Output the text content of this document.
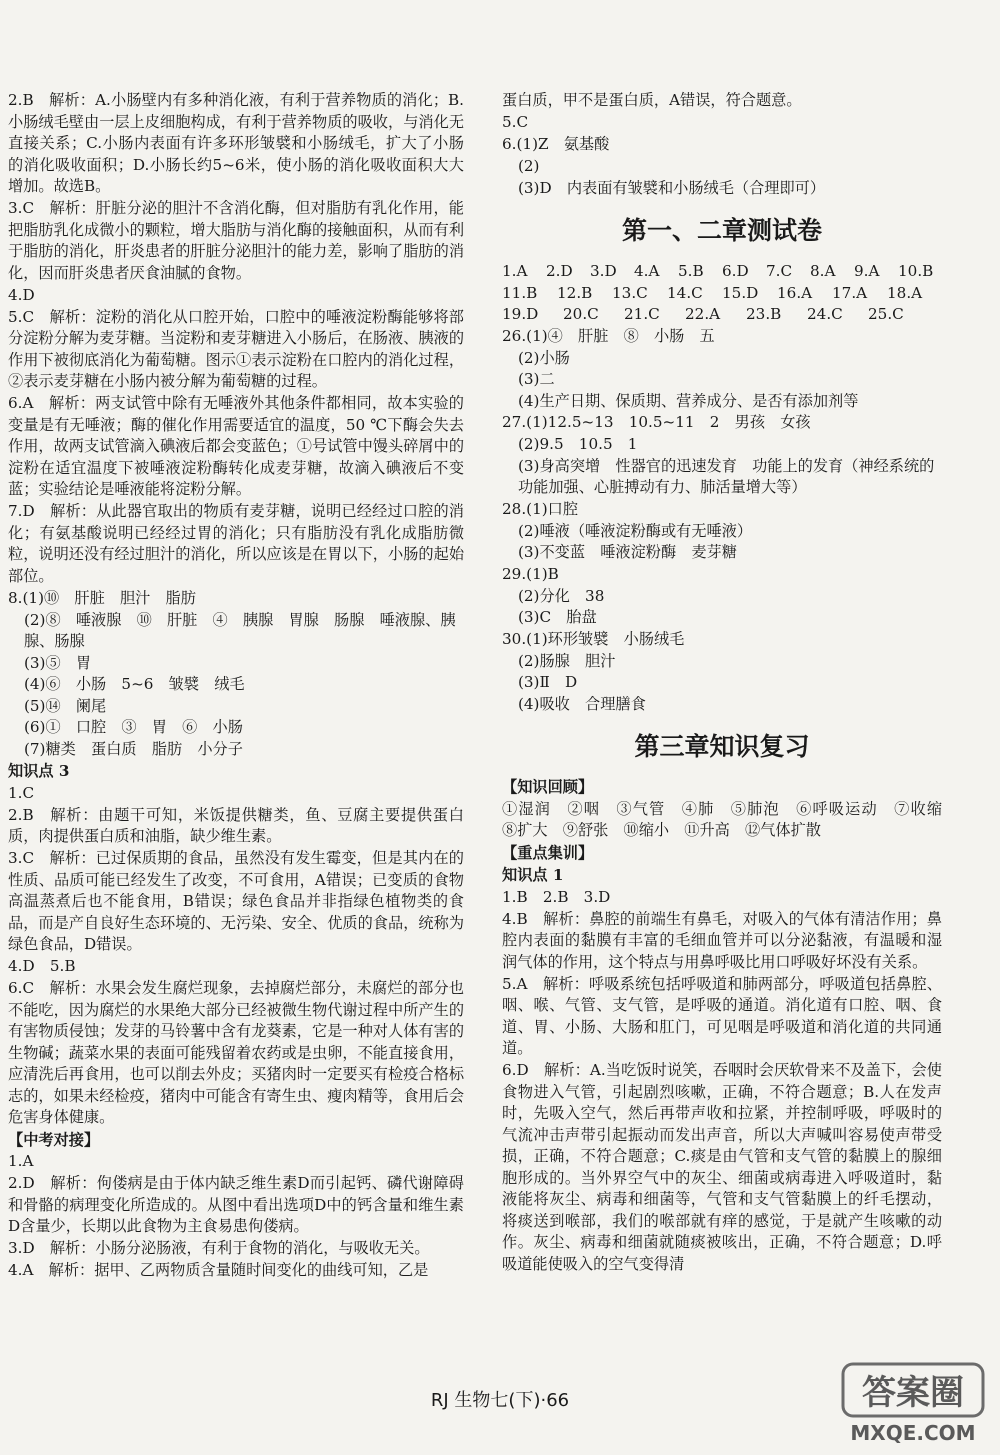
2.B　解析：A.小肠壁内有多种消化液，有利于营养物质的消化；B.小肠绒毛壁由一层上皮细胞构成，有利于营养物质的吸收，与消化无直接关系；C.小肠内表面有许多环形皱襞和小肠绒毛，扩大了小肠的消化吸收面积；D.小肠长约5~6米，使小肠的消化吸收面积大大增加。故选B。
3.C　解析：肝脏分泌的胆汁不含消化酶，但对脂肪有乳化作用，能把脂肪乳化成微小的颗粒，增大脂肪与消化酶的接触面积，从而有利于脂肪的消化，肝炎患者的肝脏分泌胆汁的能力差，影响了脂肪的消化，因而肝炎患者厌食油腻的食物。
4.D
5.C　解析：淀粉的消化从口腔开始，口腔中的唾液淀粉酶能够将部分淀粉分解为麦芽糖。当淀粉和麦芽糖进入小肠后，在肠液、胰液的作用下被彻底消化为葡萄糖。图示①表示淀粉在口腔内的消化过程，②表示麦芽糖在小肠内被分解为葡萄糖的过程。
6.A　解析：两支试管中除有无唾液外其他条件都相同，故本实验的变量是有无唾液；酶的催化作用需要适宜的温度，50 ℃下酶会失去作用，故两支试管滴入碘液后都会变蓝色；①号试管中馒头碎屑中的淀粉在适宜温度下被唾液淀粉酶转化成麦芽糖，故滴入碘液后不变蓝；实验结论是唾液能将淀粉分解。
7.D　解析：从此器官取出的物质有麦芽糖，说明已经经过口腔的消化；有氨基酸说明已经经过胃的消化；只有脂肪没有乳化成脂肪微粒，说明还没有经过胆汁的消化，所以应该是在胃以下，小肠的起始部位。
8.(1)⑩　肝脏　胆汁　脂肪
(2)⑧　唾液腺　⑩　肝脏　④　胰腺　胃腺　肠腺　唾液腺、胰腺、肠腺
(3)⑤　胃
(4)⑥　小肠　5~6　皱襞　绒毛
(5)⑭　阑尾
(6)①　口腔　③　胃　⑥　小肠
(7)糖类　蛋白质　脂肪　小分子
知识点 3
1.C
2.B　解析：由题干可知，米饭提供糖类，鱼、豆腐主要提供蛋白质，肉提供蛋白质和油脂，缺少维生素。
3.C　解析：已过保质期的食品，虽然没有发生霉变，但是其内在的性质、品质可能已经发生了改变，不可食用，A错误；已变质的食物高温蒸煮后也不能食用，B错误；绿色食品并非指绿色植物类的食品，而是产自良好生态环境的、无污染、安全、优质的食品，统称为绿色食品，D错误。
4.D　5.B
6.C　解析：水果会发生腐烂现象，去掉腐烂部分，未腐烂的部分也不能吃，因为腐烂的水果绝大部分已经被微生物代谢过程中所产生的有害物质侵蚀；发芽的马铃薯中含有龙葵素，它是一种对人体有害的生物碱；蔬菜水果的表面可能残留着农药或是虫卵，不能直接食用，应清洗后再食用，也可以削去外皮；买猪肉时一定要买有检疫合格标志的，如果未经检疫，猪肉中可能含有寄生虫、瘦肉精等，食用后会危害身体健康。
【中考对接】
1.A
2.D　解析：佝偻病是由于体内缺乏维生素D而引起钙、磷代谢障碍和骨骼的病理变化所造成的。从图中看出选项D中的钙含量和维生素D含量少，长期以此食物为主食易患佝偻病。
3.D　解析：小肠分泌肠液，有利于食物的消化，与吸收无关。
4.A　解析：据甲、乙两物质含量随时间变化的曲线可知，乙是
蛋白质，甲不是蛋白质，A错误，符合题意。
5.C
6.(1)Z　氨基酸
(2)
(3)D　内表面有皱襞和小肠绒毛（合理即可）
第一、二章测试卷
1.A	2.D	3.D	4.A	5.B	6.D	7.C	8.A	9.A	10.B
11.B	12.B	13.C	14.C	15.D	16.A	17.A	18.A
19.D	20.C	21.C	22.A	23.B	24.C	25.C
26.(1)④　肝脏　⑧　小肠　五
(2)小肠
(3)二
(4)生产日期、保质期、营养成分、是否有添加剂等
27.(1)12.5~13　10.5~11　2　男孩　女孩
(2)9.5　10.5　1
(3)身高突增　性器官的迅速发育　功能上的发育（神经系统的功能加强、心脏搏动有力、肺活量增大等）
28.(1)口腔
(2)唾液（唾液淀粉酶或有无唾液）
(3)不变蓝　唾液淀粉酶　麦芽糖
29.(1)B
(2)分化　38
(3)C　胎盘
30.(1)环形皱襞　小肠绒毛
(2)肠腺　胆汁
(3)Ⅱ　D
(4)吸收　合理膳食
第三章知识复习
【知识回顾】
①湿润　②咽　③气管　④肺　⑤肺泡　⑥呼吸运动　⑦收缩　⑧扩大　⑨舒张　⑩缩小　⑪升高　⑫气体扩散
【重点集训】
知识点 1
1.B　2.B　3.D
4.B　解析：鼻腔的前端生有鼻毛，对吸入的气体有清洁作用；鼻腔内表面的黏膜有丰富的毛细血管并可以分泌黏液，有温暖和湿润气体的作用，这个特点与用鼻呼吸比用口呼吸好坏没有关系。
5.A　解析：呼吸系统包括呼吸道和肺两部分，呼吸道包括鼻腔、咽、喉、气管、支气管，是呼吸的通道。消化道有口腔、咽、食道、胃、小肠、大肠和肛门，可见咽是呼吸道和消化道的共同通道。
6.D　解析：A.当吃饭时说笑，吞咽时会厌软骨来不及盖下，会使食物进入气管，引起剧烈咳嗽，正确，不符合题意；B.人在发声时，先吸入空气，然后再带声收和拉紧，并控制呼吸，呼吸时的气流冲击声带引起振动而发出声音，所以大声喊叫容易使声带受损，正确，不符合题意；C.痰是由气管和支气管的黏膜上的腺细胞形成的。当外界空气中的灰尘、细菌或病毒进入呼吸道时，黏液能将灰尘、病毒和细菌等，气管和支气管黏膜上的纤毛摆动，将痰送到喉部，我们的喉部就有痒的感觉，于是就产生咳嗽的动作。灰尘、病毒和细菌就随痰被咳出，正确，不符合题意；D.呼吸道能使吸入的空气变得清
RJ 生物七(下)·66	答案圈
MXQE.COM
